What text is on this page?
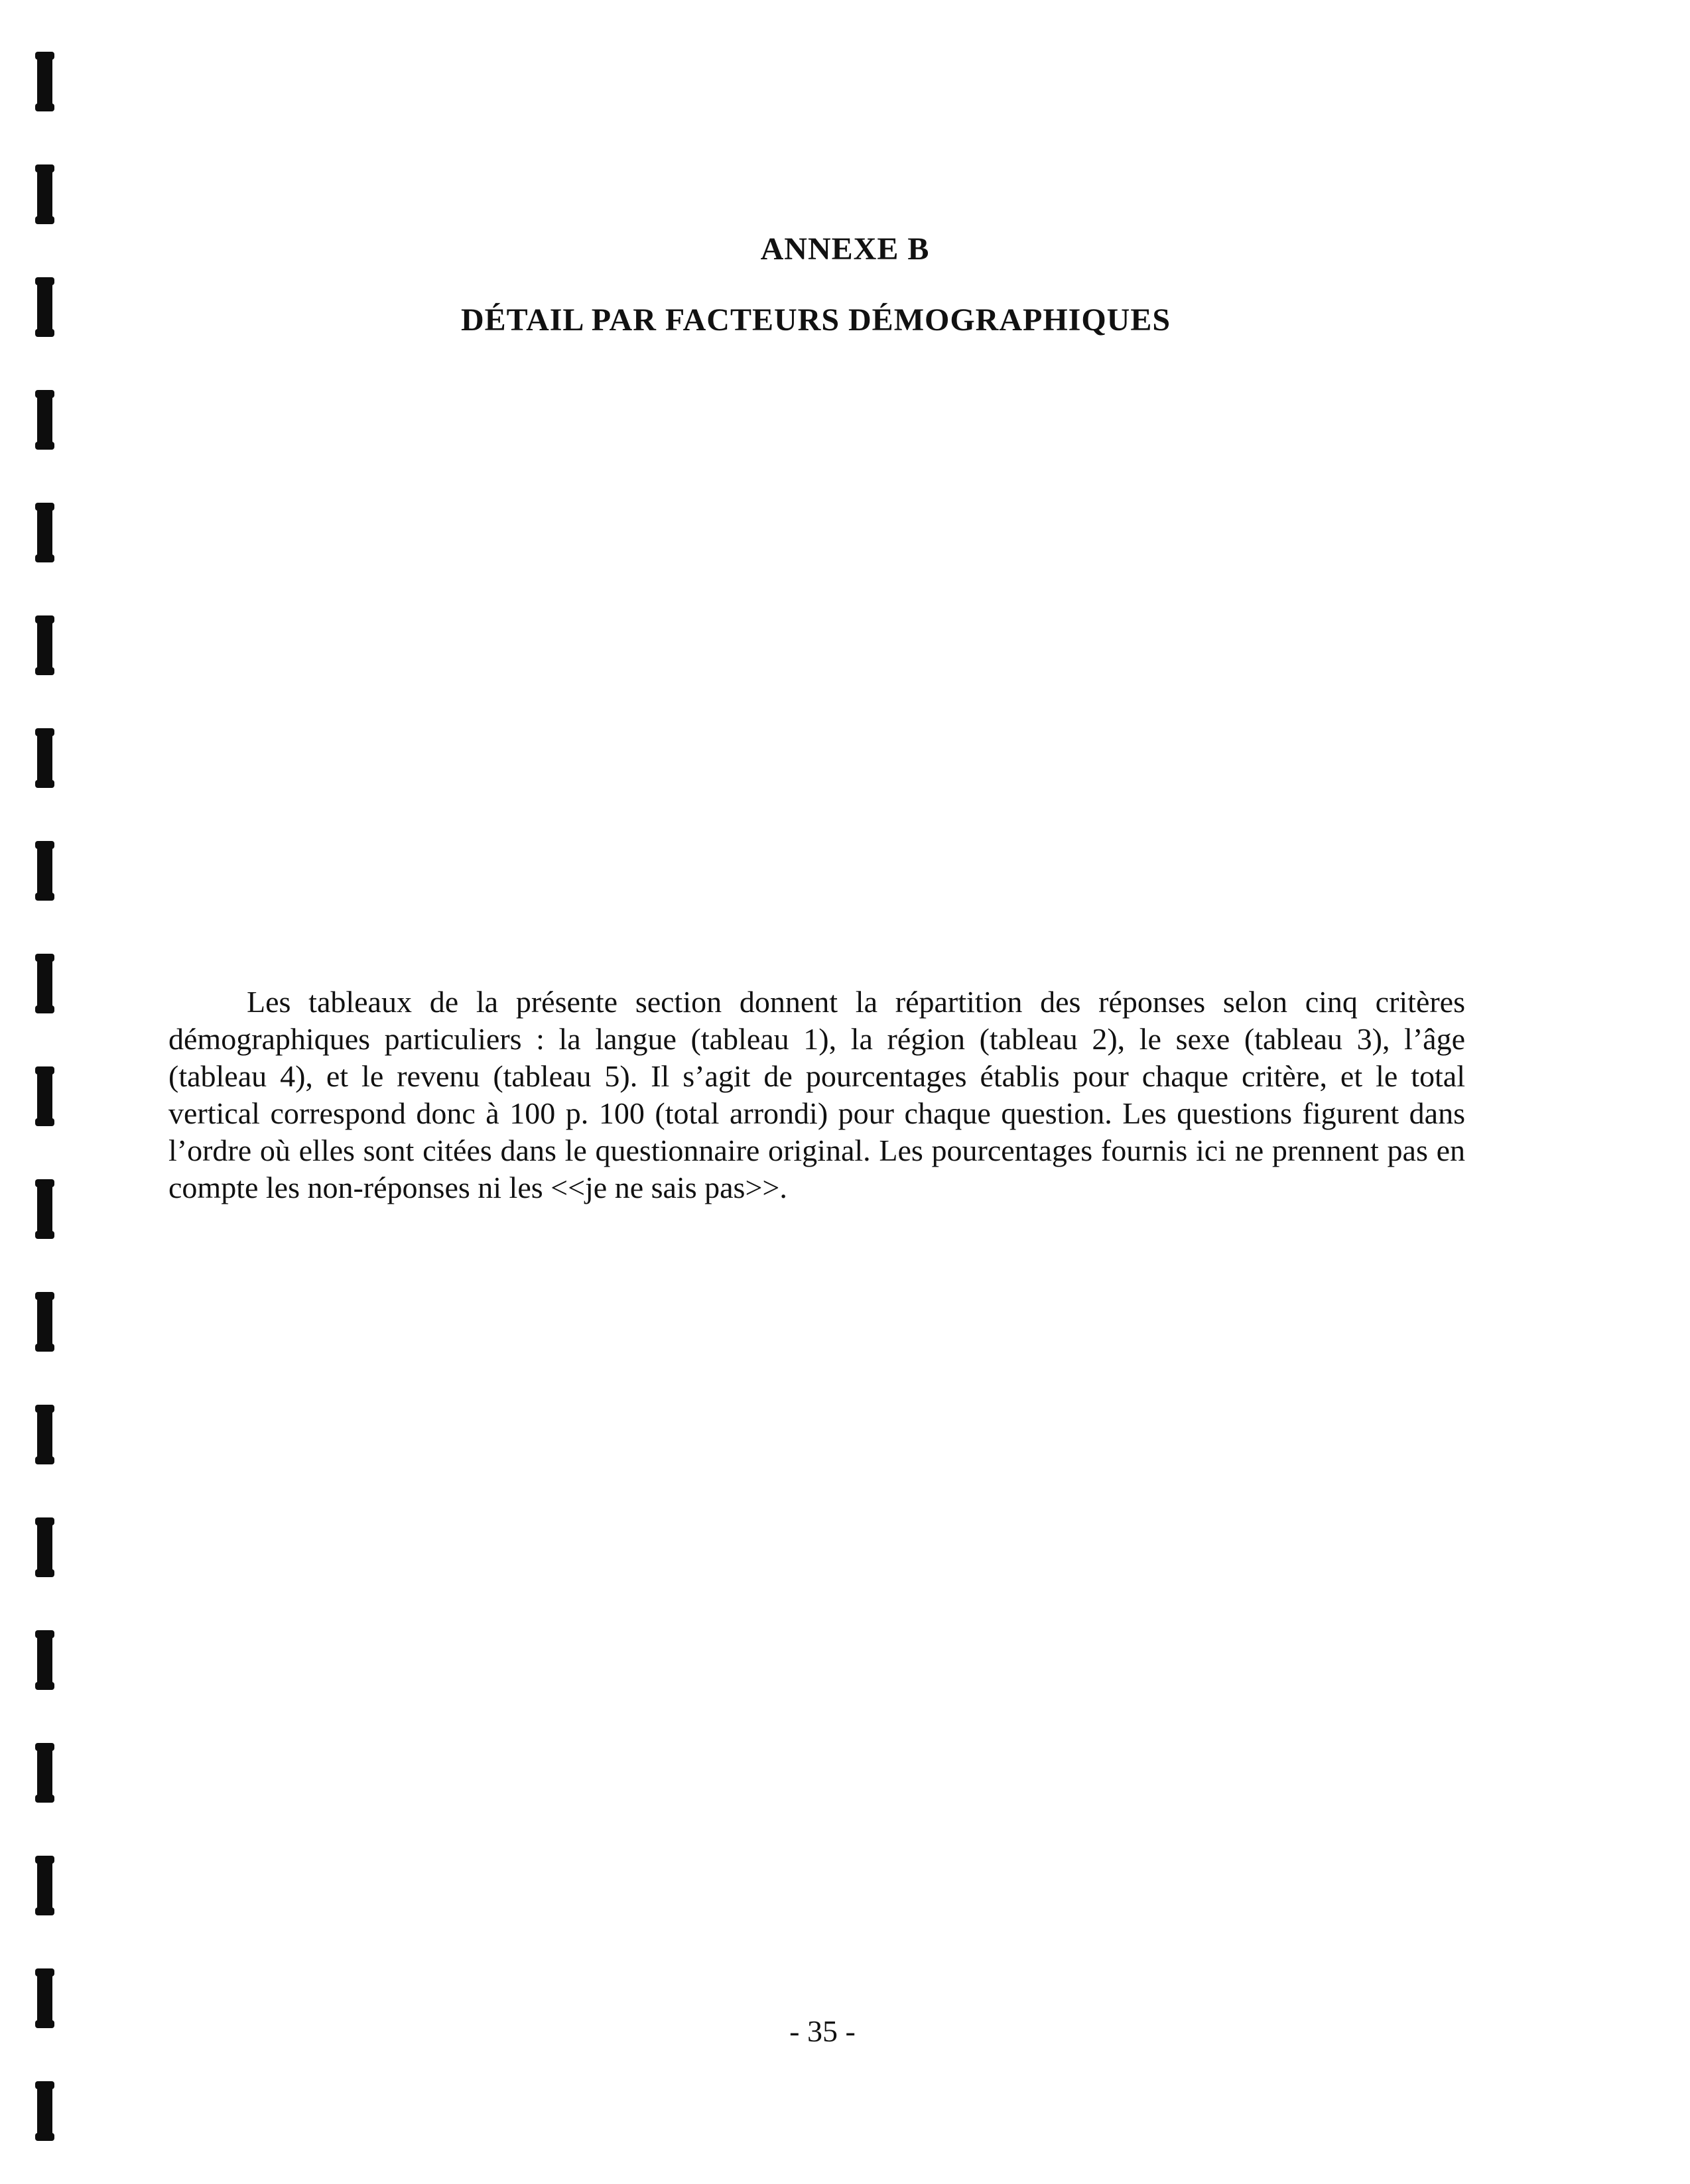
ANNEXE B
DÉTAIL PAR FACTEURS DÉMOGRAPHIQUES

Les tableaux de la présente section donnent la répartition des réponses selon cinq critères démographiques particuliers : la langue (tableau 1), la région (tableau 2), le sexe (tableau 3), l’âge (tableau 4), et le revenu (tableau 5). Il s’agit de pourcentages établis pour chaque critère, et le total vertical correspond donc à 100 p. 100 (total arrondi) pour chaque question. Les questions figurent dans l’ordre où elles sont citées dans le questionnaire original. Les pourcentages fournis ici ne prennent pas en compte les non-réponses ni les <<je ne sais pas>>.

- 35 -
